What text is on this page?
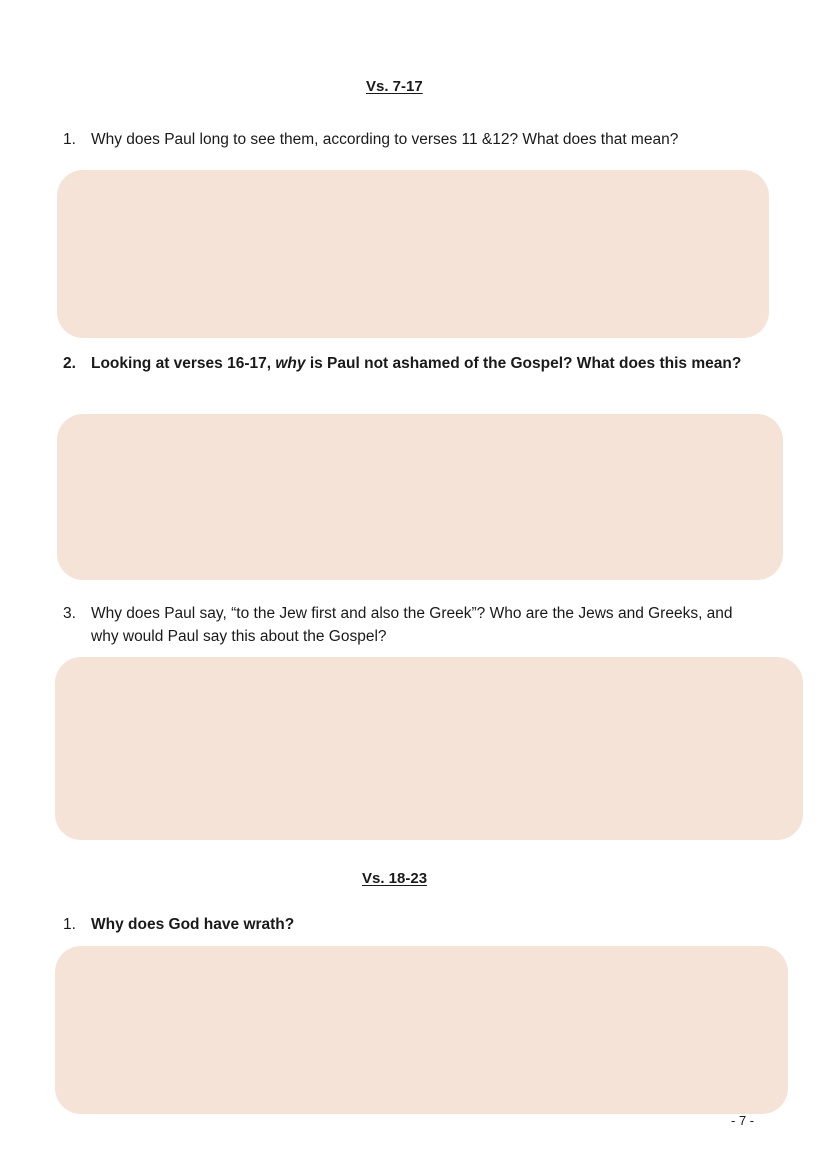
Vs. 7-17
1. Why does Paul long to see them, according to verses 11 &12? What does that mean?
2. Looking at verses 16-17, why is Paul not ashamed of the Gospel? What does this mean?
3. Why does Paul say, “to the Jew first and also the Greek”? Who are the Jews and Greeks, and why would Paul say this about the Gospel?
Vs. 18-23
1. Why does God have wrath?
- 7 -
